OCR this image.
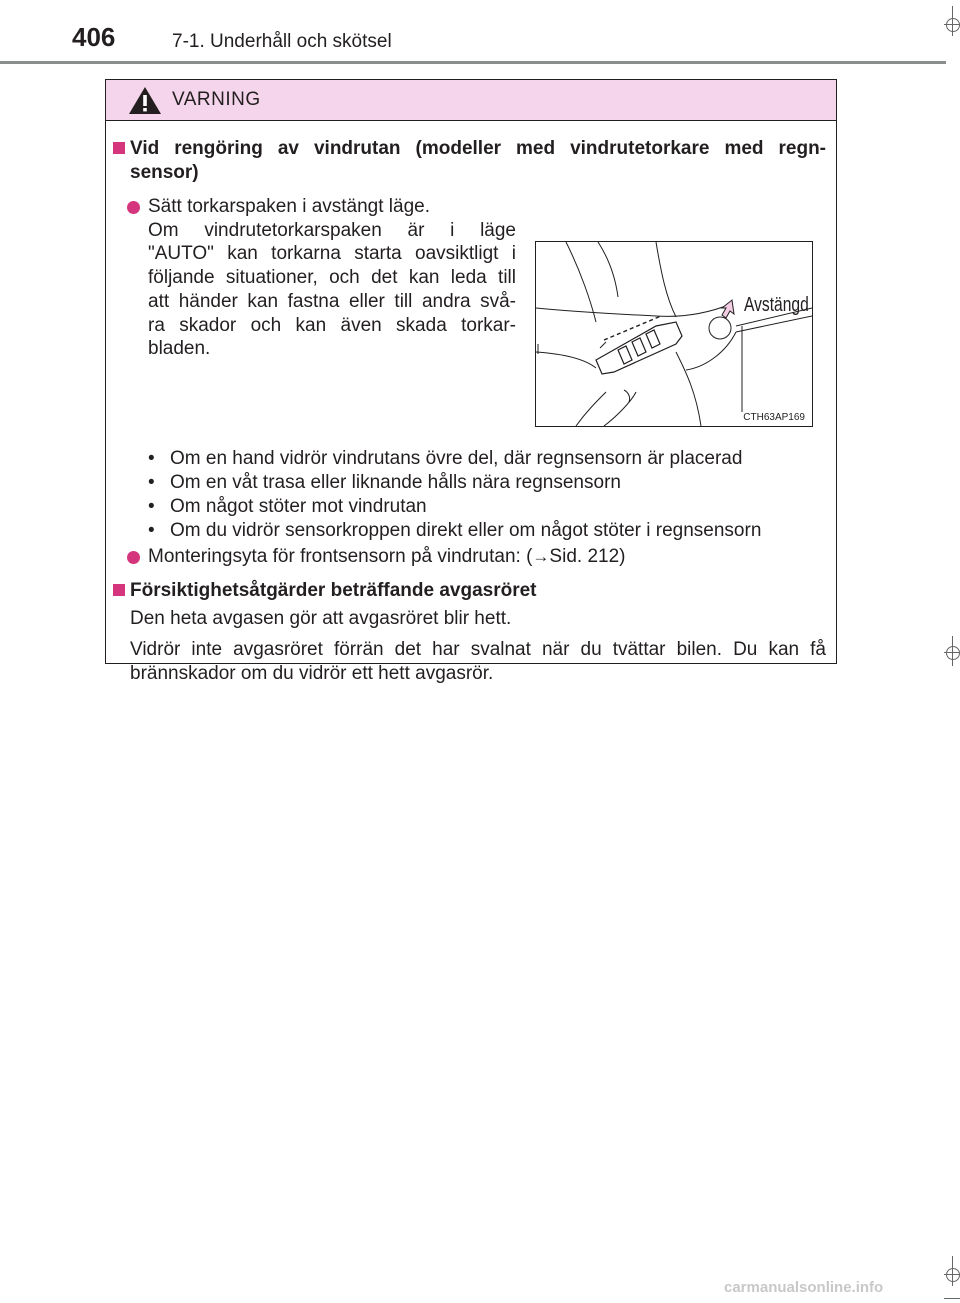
406	7-1. Underhåll och skötsel
VARNING
Vid rengöring av vindrutan (modeller med vindrutetorkare med regn-sensor)
Sätt torkarspaken i avstängt läge.
Om vindrutetorkarspaken är i läge
"AUTO" kan torkarna starta oavsiktligt i
följande situationer, och det kan leda till
att händer kan fastna eller till andra svå-
ra skador och kan även skada torkar-
bladen.
Avstängd
CTH63AP169
• Om en hand vidrör vindrutans övre del, där regnsensorn är placerad
• Om en våt trasa eller liknande hålls nära regnsensorn
• Om något stöter mot vindrutan
• Om du vidrör sensorkroppen direkt eller om något stöter i regnsensorn
Monteringsyta för frontsensorn på vindrutan: (→Sid. 212)
Försiktighetsåtgärder beträffande avgasröret
Den heta avgasen gör att avgasröret blir hett.
Vidrör inte avgasröret förrän det har svalnat när du tvättar bilen. Du kan få
brännskador om du vidrör ett hett avgasrör.
carmanualsonline.info
